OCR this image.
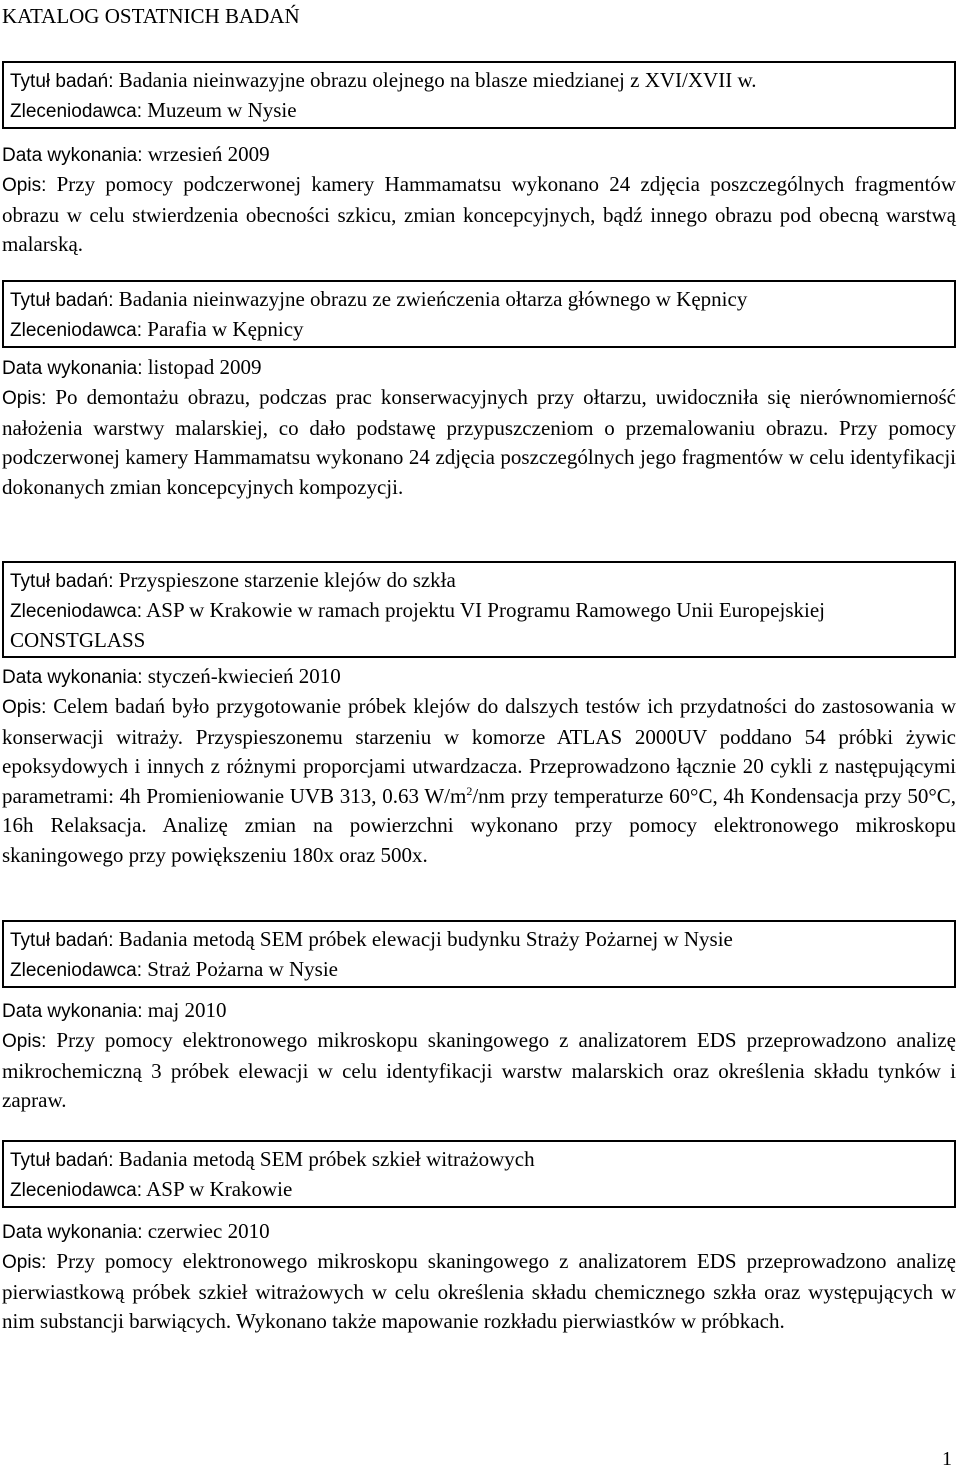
KATALOG OSTATNICH BADAŃ
Tytuł badań: Badania nieinwazyjne obrazu olejnego na blasze miedzianej z XVI/XVII w.
Zleceniodawca: Muzeum w Nysie
Data wykonania: wrzesień 2009

Opis: Przy pomocy podczerwonej kamery Hammamatsu wykonano 24 zdjęcia poszczególnych fragmentów obrazu w celu stwierdzenia obecności szkicu, zmian koncepcyjnych, bądź innego obrazu pod obecną warstwą malarską.

Tytuł badań: Badania nieinwazyjne obrazu ze zwieńczenia ołtarza głównego w Kępnicy
Zleceniodawca: Parafia w Kępnicy
Data wykonania: listopad 2009

Opis: Po demontażu obrazu, podczas prac konserwacyjnych przy ołtarzu, uwidoczniła się nierównomierność nałożenia warstwy malarskiej, co dało podstawę przypuszczeniom o przemalowaniu obrazu. Przy pomocy podczerwonej kamery Hammamatsu wykonano 24 zdjęcia poszczególnych jego fragmentów w celu identyfikacji dokonanych zmian koncepcyjnych kompozycji.

Tytuł badań: Przyspieszone starzenie klejów do szkła
Zleceniodawca: ASP w Krakowie w ramach projektu VI Programu Ramowego Unii Europejskiej CONSTGLASS
Data wykonania: styczeń-kwiecień 2010

Opis: Celem badań było przygotowanie próbek klejów do dalszych testów ich przydatności do zastosowania w konserwacji witraży. Przyspieszonemu starzeniu w komorze ATLAS 2000UV poddano 54 próbki żywic epoksydowych i innych z różnymi proporcjami utwardzacza. Przeprowadzono łącznie 20 cykli z następującymi parametrami: 4h Promieniowanie UVB 313, 0.63 $W/m^2/nm$ przy temperaturze 60°C, 4h Kondensacja przy 50°C, 16h Relaksacja. Analizę zmian na powierzchni wykonano przy pomocy elektronowego mikroskopu skaningowego przy powiększeniu 180x oraz 500x.

Tytuł badań: Badania metodą SEM próbek elewacji budynku Straży Pożarnej w Nysie
Zleceniodawca: Straż Pożarna w Nysie
Data wykonania: maj 2010

Opis: Przy pomocy elektronowego mikroskopu skaningowego z analizatorem EDS przeprowadzono analizę mikrochemiczną 3 próbek elewacji w celu identyfikacji warstw malarskich oraz określenia składu tynków i zapraw.

Tytuł badań: Badania metodą SEM próbek szkieł witrażowych
Zleceniodawca: ASP w Krakowie
Data wykonania: czerwiec 2010

Opis: Przy pomocy elektronowego mikroskopu skaningowego z analizatorem EDS przeprowadzono analizę pierwiastkową próbek szkieł witrażowych w celu określenia składu chemicznego szkła oraz występujących w nim substancji barwiących. Wykonano także mapowanie rozkładu pierwiastków w próbkach.

1
